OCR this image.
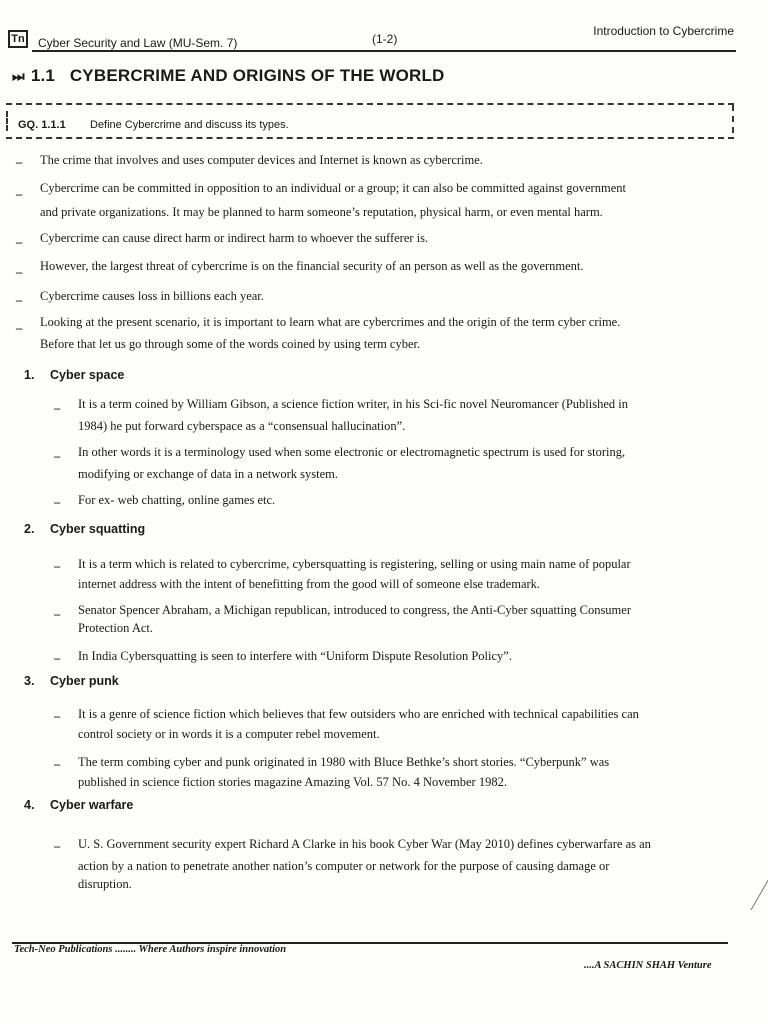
Tn Cyber Security and Law (MU-Sem. 7)	(1-2)
Introduction to Cybercrime
⏭ 1.1 CYBERCRIME AND ORIGINS OF THE WORLD
GQ. 1.1.1 Define Cybercrime and discuss its types.
–	The crime that involves and uses computer devices and Internet is known as cybercrime.
–	Cybercrime can be committed in opposition to an individual or a group; it can also be committed against government
and private organizations. It may be planned to harm someone’s reputation, physical harm, or even mental harm.
–	Cybercrime can cause direct harm or indirect harm to whoever the sufferer is.
–	However, the largest threat of cybercrime is on the financial security of an person as well as the government.
–	Cybercrime causes loss in billions each year.
–	Looking at the present scenario, it is important to learn what are cybercrimes and the origin of the term cyber crime.
Before that let us go through some of the words coined by using term cyber.
1. Cyber space
–	It is a term coined by William Gibson, a science fiction writer, in his Sci-fic novel Neuromancer (Published in
1984) he put forward cyberspace as a “consensual hallucination”.
–	In other words it is a terminology used when some electronic or electromagnetic spectrum is used for storing,
modifying or exchange of data in a network system.
–	For ex- web chatting, online games etc.
2. Cyber squatting
–	It is a term which is related to cybercrime, cybersquatting is registering, selling or using main name of popular
internet address with the intent of benefitting from the good will of someone else trademark.
–	Senator Spencer Abraham, a Michigan republican, introduced to congress, the Anti-Cyber squatting Consumer
Protection Act.
–	In India Cybersquatting is seen to interfere with “Uniform Dispute Resolution Policy”.
3. Cyber punk
–	It is a genre of science fiction which believes that few outsiders who are enriched with technical capabilities can
control society or in words it is a computer rebel movement.
–	The term combing cyber and punk originated in 1980 with Bluce Bethke’s short stories. “Cyberpunk” was
published in science fiction stories magazine Amazing Vol. 57 No. 4 November 1982.
4. Cyber warfare
–	U. S. Government security expert Richard A Clarke in his book Cyber War (May 2010) defines cyberwarfare as an
action by a nation to penetrate another nation’s computer or network for the purpose of causing damage or
disruption.
Tech-Neo Publications ........ Where Authors inspire innovation
....A SACHIN SHAH Venture
